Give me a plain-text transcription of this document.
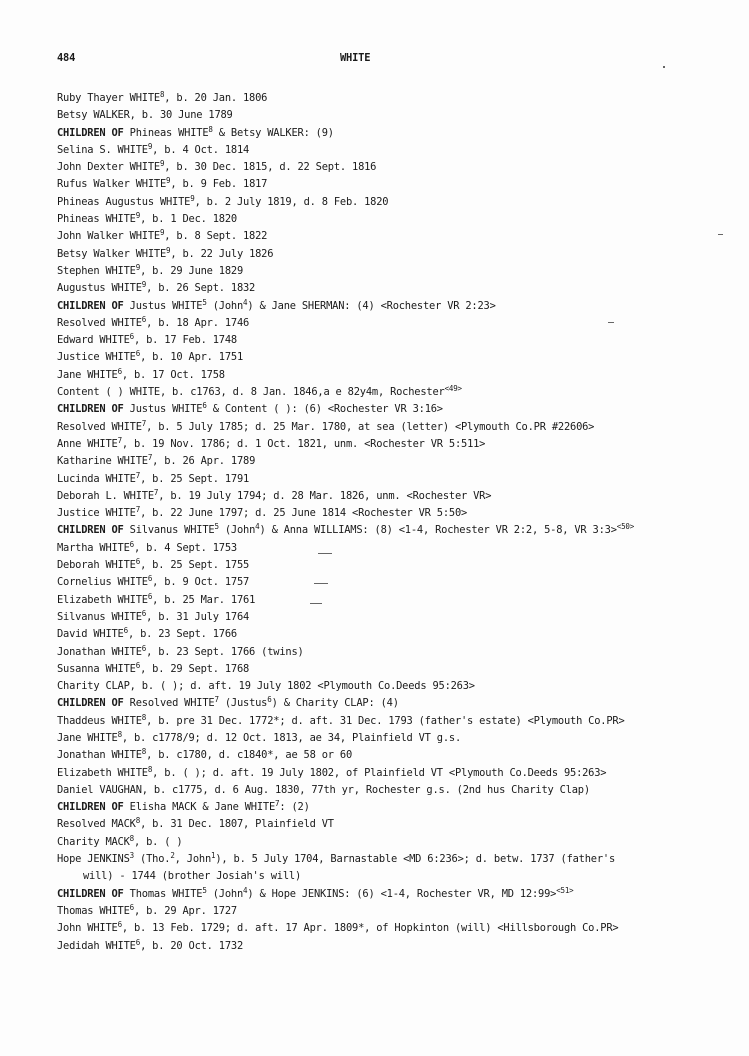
484	WHITE
Ruby Thayer WHITE$^8$, b. 20 Jan. 1806
Betsy WALKER, b. 30 June 1789
CHILDREN OF Phineas WHITE$^8$ & Betsy WALKER: (9)
Selina S. WHITE$^9$, b. 4 Oct. 1814
John Dexter WHITE$^9$, b. 30 Dec. 1815, d. 22 Sept. 1816
Rufus Walker WHITE$^9$, b. 9 Feb. 1817
Phineas Augustus WHITE$^9$, b. 2 July 1819, d. 8 Feb. 1820
Phineas WHITE$^9$, b. 1 Dec. 1820
John Walker WHITE$^9$, b. 8 Sept. 1822
Betsy Walker WHITE$^9$, b. 22 July 1826
Stephen WHITE$^9$, b. 29 June 1829
Augustus WHITE$^9$, b. 26 Sept. 1832
CHILDREN OF Justus WHITE$^5$ (John$^4$) & Jane SHERMAN: (4) <Rochester VR 2:23>
Resolved WHITE$^6$, b. 18 Apr. 1746
Edward WHITE$^6$, b. 17 Feb. 1748
Justice WHITE$^6$, b. 10 Apr. 1751
Jane WHITE$^6$, b. 17 Oct. 1758
Content ( ) WHITE, b. c1763, d. 8 Jan. 1846,a e 82y4m, Rochester$^{<49>}$
CHILDREN OF Justus WHITE$^6$ & Content ( ): (6) <Rochester VR 3:16>
Resolved WHITE$^7$, b. 5 July 1785; d. 25 Mar. 1780, at sea (letter) <Plymouth Co.PR #22606>
Anne WHITE$^7$, b. 19 Nov. 1786; d. 1 Oct. 1821, unm. <Rochester VR 5:511>
Katharine WHITE$^7$, b. 26 Apr. 1789
Lucinda WHITE$^7$, b. 25 Sept. 1791
Deborah L. WHITE$^7$, b. 19 July 1794; d. 28 Mar. 1826, unm. <Rochester VR>
Justice WHITE$^7$, b. 22 June 1797; d. 25 June 1814 <Rochester VR 5:50>
CHILDREN OF Silvanus WHITE$^5$ (John$^4$) & Anna WILLIAMS: (8) <1-4, Rochester VR 2:2, 5-8, VR 3:3>$^{<50>}$
Martha WHITE$^6$, b. 4 Sept. 1753
Deborah WHITE$^6$, b. 25 Sept. 1755
Cornelius WHITE$^6$, b. 9 Oct. 1757
Elizabeth WHITE$^6$, b. 25 Mar. 1761
Silvanus WHITE$^6$, b. 31 July 1764
David WHITE$^6$, b. 23 Sept. 1766
Jonathan WHITE$^6$, b. 23 Sept. 1766 (twins)
Susanna WHITE$^6$, b. 29 Sept. 1768
Charity CLAP, b. ( ); d. aft. 19 July 1802 <Plymouth Co.Deeds 95:263>
CHILDREN OF Resolved WHITE$^7$ (Justus$^6$) & Charity CLAP: (4)
Thaddeus WHITE$^8$, b. pre 31 Dec. 1772*; d. aft. 31 Dec. 1793 (father's estate) <Plymouth Co.PR>
Jane WHITE$^8$, b. c1778/9; d. 12 Oct. 1813, ae 34, Plainfield VT g.s.
Jonathan WHITE$^8$, b. c1780, d. c1840*, ae 58 or 60
Elizabeth WHITE$^8$, b. ( ); d. aft. 19 July 1802, of Plainfield VT <Plymouth Co.Deeds 95:263>
Daniel VAUGHAN, b. c1775, d. 6 Aug. 1830, 77th yr, Rochester g.s. (2nd hus Charity Clap)
CHILDREN OF Elisha MACK & Jane WHITE$^7$: (2)
Resolved MACK$^8$, b. 31 Dec. 1807, Plainfield VT
Charity MACK$^8$, b. ( )
Hope JENKINS$^3$ (Tho.$^2$, John$^1$), b. 5 July 1704, Barnastable <MD 6:236>; d. betw. 1737 (father's
will) - 1744 (brother Josiah's will)
CHILDREN OF Thomas WHITE$^5$ (John$^4$) & Hope JENKINS: (6) <1-4, Rochester VR, MD 12:99>$^{<51>}$
Thomas WHITE$^6$, b. 29 Apr. 1727
John WHITE$^6$, b. 13 Feb. 1729; d. aft. 17 Apr. 1809*, of Hopkinton (will) <Hillsborough Co.PR>
Jedidah WHITE$^6$, b. 20 Oct. 1732
